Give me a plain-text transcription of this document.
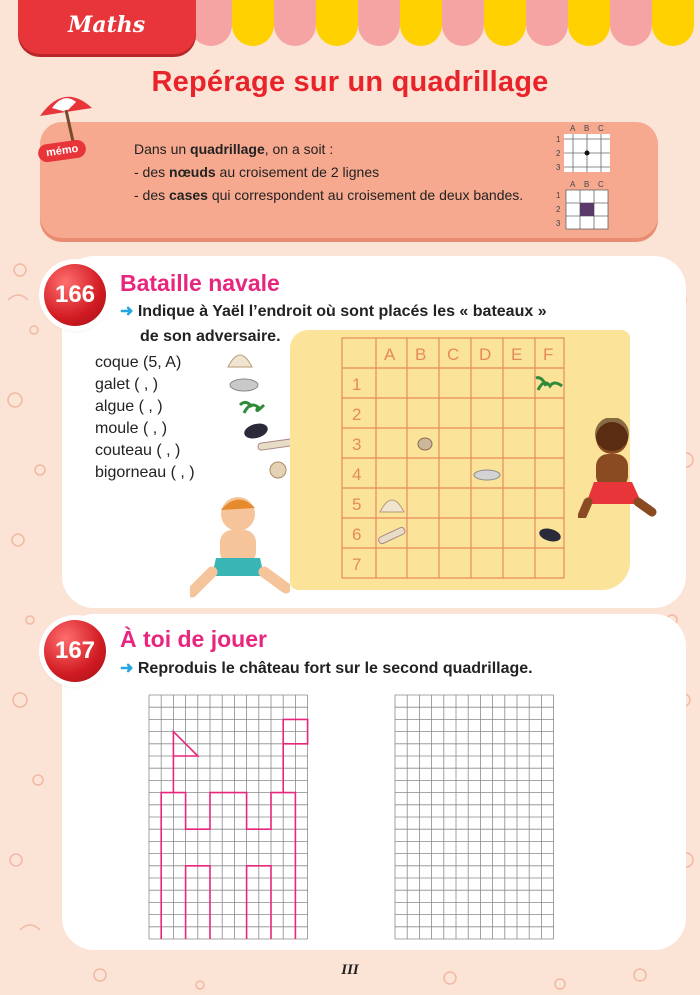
Maths
Repérage sur un quadrillage
mémo	Dans un quadrillage, on a soit :
- des nœuds au croisement de 2 lignes
- des cases qui correspondent au croisement de deux bandes.
A B C
1
2
3
A B C
1
2
3
166	Bataille navale
➜ Indique à Yaël l’endroit où sont placés les « bateaux »
de son adversaire.
coque (5, A)
galet ( , )
algue ( , )
moule ( , )
couteau ( , )
bigorneau ( , )
A B C D E F
1
2
3
4
5
6
7
167	À toi de jouer
➜ Reproduis le château fort sur le second quadrillage.
III
